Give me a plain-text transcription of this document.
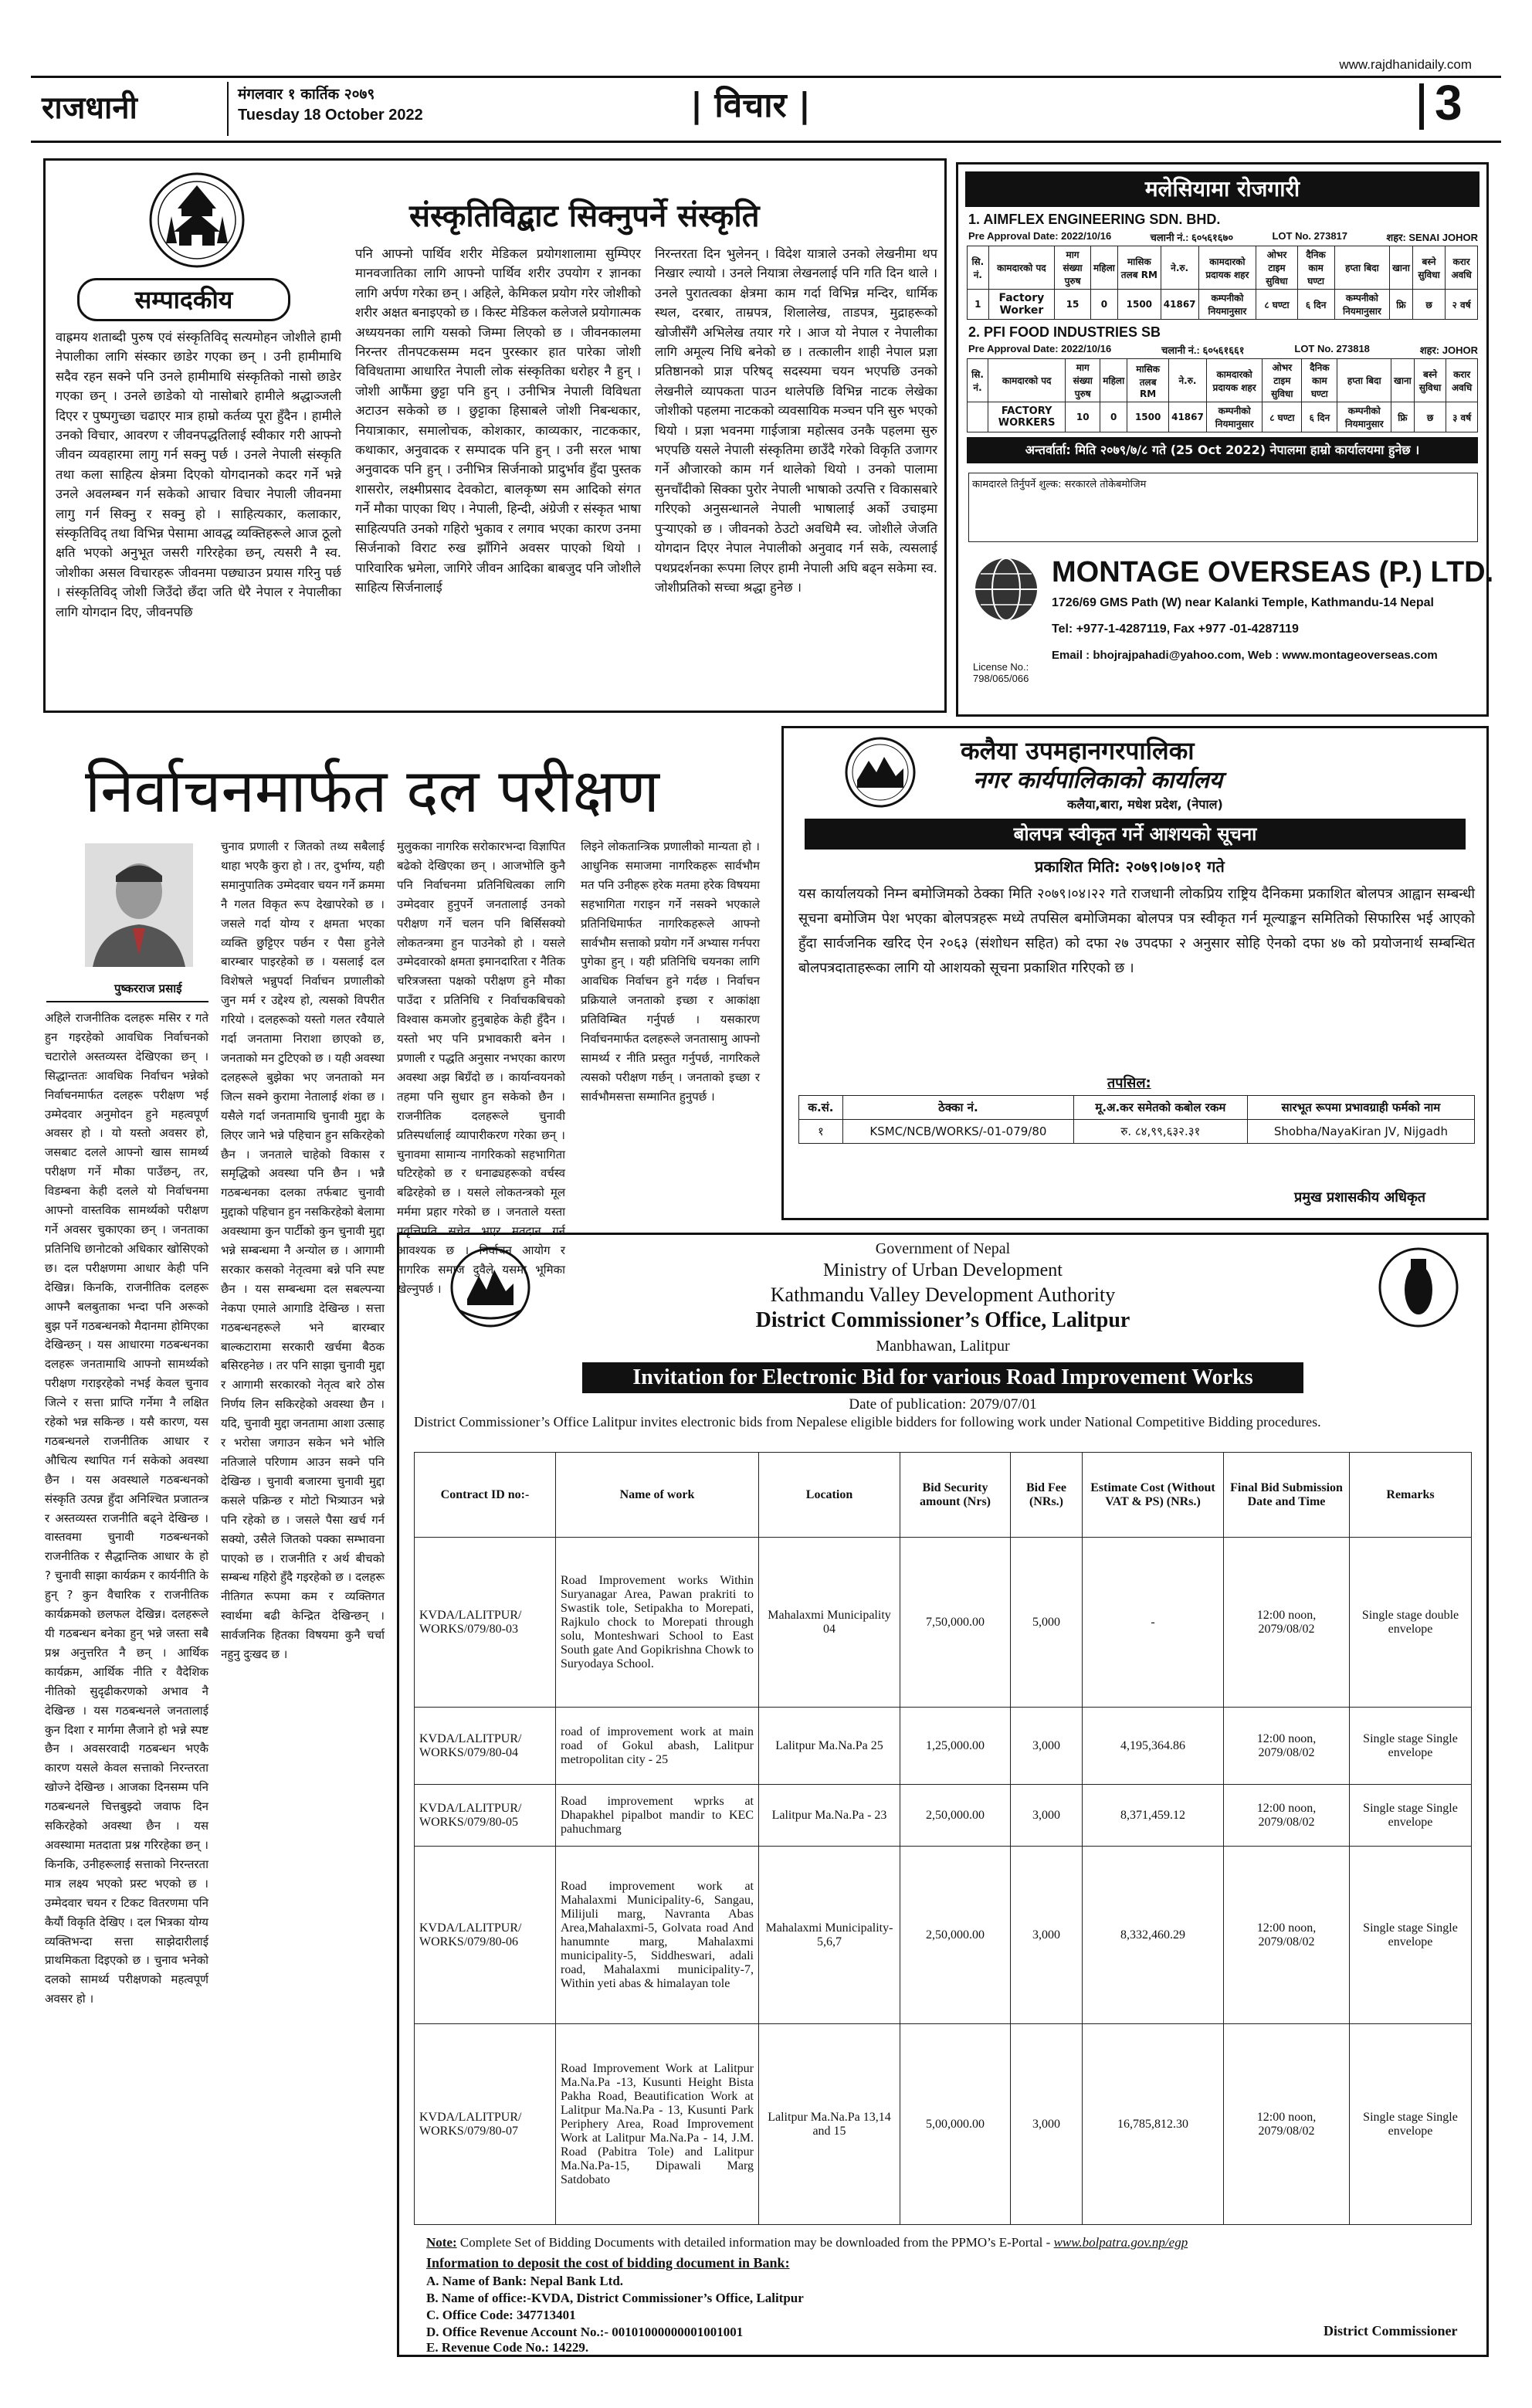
www.rajdhanidaily.com
राजधानी	मंगलवार १ कार्तिक २०७९
Tuesday 18 October 2022	| विचार |	3
सम्पादकीय
संस्कृतिविद्बाट सिक्नुपर्ने संस्कृति
वाह्रमय शताब्दी पुरुष एवं संस्कृतिविद् सत्यमोहन जोशीले हामी नेपालीका लागि संस्कार छाडेर गएका छन् । उनी हामीमाथि सदैव रहन सक्ने पनि उनले हामीमाथि संस्कृतिको नासो छाडेर गएका छन् । उनले छाडेको यो नासोबारे हामीले श्रद्धाञ्जली दिएर र पुष्पगुच्छा चढाएर मात्र हाम्रो कर्तव्य पूरा हुँदैन । हामीले उनको विचार, आवरण र जीवनपद्धतिलाई स्वीकार गरी आफ्नो जीवन व्यवहारमा लागु गर्न सक्नु पर्छ । उनले नेपाली संस्कृति तथा कला साहित्य क्षेत्रमा दिएको योगदानको कदर गर्ने भन्ने उनले अवलम्बन गर्न सकेको आचार विचार नेपाली जीवनमा लागु गर्न सिक्नु र सक्नु हो । साहित्यकार, कलाकार, संस्कृतिविद् तथा विभिन्न पेसामा आवद्ध व्यक्तिहरूले आज ठूलो क्षति भएको अनुभूत जसरी गरिरहेका छन्, त्यसरी नै स्व. जोशीका असल विचारहरू जीवनमा पछ्याउन प्रयास गरिनु पर्छ । संस्कृतिविद् जोशी जिउँदो छँदा जति धेरै नेपाल र नेपालीका लागि योगदान दिए, जीवनपछि
पनि आफ्नो पार्थिव शरीर मेडिकल प्रयोगशालामा सुम्पिएर मानवजातिका लागि आफ्नो पार्थिव शरीर उपयोग र ज्ञानका लागि अर्पण गरेका छन् । अहिले, केमिकल प्रयोग गरेर जोशीको शरीर अक्षत बनाइएको छ । किस्ट मेडिकल कलेजले प्रयोगात्मक अध्ययनका लागि यसको जिम्मा लिएको छ । जीवनकालमा निरन्तर तीनपटकसम्म मदन पुरस्कार हात पारेका जोशी विविधतामा आधारित नेपाली लोक संस्कृतिका धरोहर नै हुन् । जोशी आफैंमा छुट्टा पनि हुन् । उनीभित्र नेपाली विविधता अटाउन सकेको छ । छुट्टाका हिसाबले जोशी निबन्धकार, नियात्राकार, समालोचक, कोशकार, काव्यकार, नाटककार, कथाकार, अनुवादक र सम्पादक पनि हुन् । उनी सरल भाषा अनुवादक पनि हुन् । उनीभित्र सिर्जनाको प्रादुर्भाव हुँदा पुस्तक शासरोर, लक्ष्मीप्रसाद देवकोटा, बालकृष्ण सम आदिको संगत गर्ने मौका पाएका थिए । नेपाली, हिन्दी, अंग्रेजी र संस्कृत भाषा साहित्यपति उनको गहिरो भुकाव र लगाव भएका कारण उनमा सिर्जनाको विराट रुख झाँगिने अवसर पाएको थियो । पारिवारिक भ्रमेला, जागिरे जीवन आदिका बाबजुद पनि जोशीले साहित्य सिर्जनालाई
निरन्तरता दिन भुलेनन् । विदेश यात्राले उनको लेखनीमा थप निखार ल्यायो । उनले नियात्रा लेखनलाई पनि गति दिन थाले । उनले पुरातत्वका क्षेत्रमा काम गर्दा विभिन्न मन्दिर, धार्मिक स्थल, दरबार, ताम्रपत्र, शिलालेख, ताडपत्र, मुद्राहरूको खोजीसँगै अभिलेख तयार गरे । आज यो नेपाल र नेपालीका लागि अमूल्य निधि बनेको छ । तत्कालीन शाही नेपाल प्रज्ञा प्रतिष्ठानको प्राज्ञ परिषद् सदस्यमा चयन भएपछि उनको लेखनीले व्यापकता पाउन थालेपछि विभिन्न नाटक लेखेका जोशीको पहलमा नाटकको व्यवसायिक मञ्चन पनि सुरु भएको थियो । प्रज्ञा भवनमा गाईजात्रा महोत्सव उनकै पहलमा सुरु भएपछि यसले नेपाली संस्कृतिमा छाउँदै गरेको विकृति उजागर गर्ने औजारको काम गर्न थालेको थियो । उनको पालामा सुनचाँदीको सिक्का पुरोर नेपाली भाषाको उत्पत्ति र विकासबारे गरिएको अनुसन्धानले नेपाली भाषालाई अर्को उचाइमा पुऱ्याएको छ । जीवनको ठेउटो अवधिमै स्व. जोशीले जेजति योगदान दिएर नेपाल नेपालीको अनुवाद गर्न सके, त्यसलाई पथप्रदर्शनका रूपमा लिएर हामी नेपाली अघि बढ्न सकेमा स्व. जोशीप्रतिको सच्चा श्रद्धा हुनेछ ।
मलेसियामा रोजगारी
1. AIMFLEX ENGINEERING SDN. BHD.
Pre Approval Date: 2022/10/16	चलानी नं.: ६०५६१६७०	LOT No. 273817	शहर: SENAI JOHOR
सि. नं.	कामदारको पद	माग संख्या पुरुष	महिला	मासिक तलब RM	ने.रु.	कामदारको प्रदायक शहर	ओभर टाइम सुविधा	दैनिक काम घण्टा	हप्ता बिदा	खाना	बस्ने सुविधा	करार अवधि
1	Factory Worker	15	0	1500	41867	कम्पनीको नियमानुसार	८ घण्टा	६ दिन	कम्पनीको नियमानुसार	फ्रि	छ	२ वर्ष
2. PFI FOOD INDUSTRIES SB
Pre Approval Date: 2022/10/16	चलानी नं.: ६०५६१६६१	LOT No. 273818	शहर: JOHOR
सि. नं.	कामदारको पद	माग संख्या पुरुष	महिला	मासिक तलब RM	ने.रु.	कामदारको प्रदायक शहर	ओभर टाइम सुविधा	दैनिक काम घण्टा	हप्ता बिदा	खाना	बस्ने सुविधा	करार अवधि
	FACTORY WORKERS	10	0	1500	41867	कम्पनीको नियमानुसार	८ घण्टा	६ दिन	कम्पनीको नियमानुसार	फ्रि	छ	३ वर्ष
अन्तर्वार्ता: मिति २०७९/७/८ गते (25 Oct 2022) नेपालमा हाम्रो कार्यालयमा हुनेछ ।
कामदारले तिर्नुपर्ने शुल्क: सरकारले तोकेबमोजिम
MONTAGE OVERSEAS (P.) LTD.
1726/69 GMS Path (W) near Kalanki Temple, Kathmandu-14 Nepal
Tel: +977-1-4287119, Fax +977 -01-4287119
Email : bhojrajpahadi@yahoo.com, Web : www.montageoverseas.com
License No.: 798/065/066
निर्वाचनमार्फत दल परीक्षण
पुष्करराज प्रसाई
अहिले राजनीतिक दलहरू मसिर र गते हुन गइरहेको आवधिक निर्वाचनको चटारोले अस्तव्यस्त देखिएका छन् । सिद्धान्ततः आवधिक निर्वाचन भन्नेको निर्वाचनमार्फत दलहरू परीक्षण भई उम्मेदवार अनुमोदन हुने महत्वपूर्ण अवसर हो । यो यस्तो अवसर हो, जसबाट दलले आफ्नो खास सामर्थ्य परीक्षण गर्ने मौका पाउँछन्, तर, विडम्बना केही दलले यो निर्वाचनमा आफ्नो वास्तविक सामर्थ्यको परीक्षण गर्ने अवसर चुकाएका छन् । जनताका प्रतिनिधि छानोटको अधिकार खोसिएको छ। दल परीक्षणमा आधार केही पनि देखिन्न। किनकि, राजनीतिक दलहरू आफ्नै बलबुताका भन्दा पनि अरूको बुझ पर्ने गठबन्धनको मैदानमा होमिएका देखिन्छन् । यस आधारमा गठबन्धनका दलहरू जनतामाथि आफ्नो सामर्थ्यको परीक्षण गराइरहेको नभई केवल चुनाव जित्ने र सत्ता प्राप्ति गर्नेमा नै लक्षित रहेको भन्न सकिन्छ । यसै कारण, यस गठबन्धनले राजनीतिक आधार र औचित्य स्थापित गर्न सकेको अवस्था छैन । यस अवस्थाले गठबन्धनको संस्कृति उत्पन्न हुँदा अनिश्चित प्रजातन्त्र र अस्तव्यस्त राजनीति बढ्ने देखिन्छ । वास्तवमा चुनावी गठबन्धनको राजनीतिक र सैद्धान्तिक आधार के हो ? चुनावी साझा कार्यक्रम र कार्यनीति के हुन् ? कुन वैचारिक र राजनीतिक कार्यक्रमको छलफल देखिन्न। दलहरूले यी गठबन्धन बनेका हुन् भन्ने जस्ता सबै प्रश्न अनुत्तरित नै छन् । आर्थिक कार्यक्रम, आर्थिक नीति र वैदेशिक नीतिको सुदृढीकरणको अभाव नै देखिन्छ । यस गठबन्धनले जनतालाई कुन दिशा र मार्गमा लैजाने हो भन्ने स्पष्ट छैन । अवसरवादी गठबन्धन भएकै कारण यसले केवल सत्ताको निरन्तरता खोज्ने देखिन्छ । आजका दिनसम्म पनि गठबन्धनले चित्तबुझ्दो जवाफ दिन सकिरहेको अवस्था छैन । यस अवस्थामा मतदाता प्रश्न गरिरहेका छन् । किनकि, उनीहरूलाई सत्ताको निरन्तरता मात्र लक्ष्य भएको प्रस्ट भएको छ । उम्मेदवार चयन र टिकट वितरणमा पनि कैयौं विकृति देखिए । दल भित्रका योग्य व्यक्तिभन्दा सत्ता साझेदारीलाई प्राथमिकता दिइएको छ । चुनाव भनेको दलको सामर्थ्य परीक्षणको महत्वपूर्ण अवसर हो ।
चुनाव प्रणाली र जितको तथ्य सबैलाई थाहा भएकै कुरा हो । तर, दुर्भाग्य, यही समानुपातिक उम्मेदवार चयन गर्ने क्रममा नै गलत विकृत रूप देखापरेको छ । जसले गर्दा योग्य र क्षमता भएका व्यक्ति छुट्टिएर पर्छन र पैसा हुनेले बारम्बार पाइरहेको छ । यसलाई दल विशेषले भन्नुपर्दा निर्वाचन प्रणालीको जुन मर्म र उद्देश्य हो, त्यसको विपरीत गरियो । दलहरूको यस्तो गलत रवैयाले गर्दा जनतामा निराशा छाएको छ, जनताको मन टुटिएको छ । यही अवस्था दलहरूले बुझेका भए जनताको मन जित्न सक्ने कुरामा नेतालाई शंका छ । यसैले गर्दा जनतामाथि चुनावी मुद्दा के लिएर जाने भन्ने पहिचान हुन सकिरहेको छैन । जनताले चाहेको विकास र समृद्धिको अवस्था पनि छैन । भन्नै गठबन्धनका दलका तर्फबाट चुनावी मुद्दाको पहिचान हुन नसकिरहेको बेलामा अवस्थामा कुन पार्टीको कुन चुनावी मुद्दा भन्ने सम्बन्धमा नै अन्योल छ । आगामी सरकार कसको नेतृत्वमा बन्ने पनि स्पष्ट छैन । यस सम्बन्धमा दल सबल्पन्या नेकपा एमाले आगाडि देखिन्छ । सत्ता गठबन्धनहरूले भने बारम्बार बाल्कटारामा सरकारी खर्चमा बैठक बसिरहनेछ । तर पनि साझा चुनावी मुद्दा र आगामी सरकारको नेतृत्व बारे ठोस निर्णय लिन सकिरहेको अवस्था छैन । यदि, चुनावी मुद्दा जनतामा आशा उत्साह र भरोसा जगाउन सकेन भने भोलि नतिजाले परिणाम आउन सक्ने पनि देखिन्छ । चुनावी बजारमा चुनावी मुद्दा कसले पक्रिन्छ र मोटो भित्र्याउन भन्ने पनि रहेको छ । जसले पैसा खर्च गर्न सक्यो, उसैले जितको पक्का सम्भावना पाएको छ । राजनीति र अर्थ बीचको सम्बन्ध गहिरो हुँदै गइरहेको छ । दलहरू नीतिगत रूपमा कम र व्यक्तिगत स्वार्थमा बढी केन्द्रित देखिन्छन् । सार्वजनिक हितका विषयमा कुनै चर्चा नहुनु दुःखद छ ।
मुलुकका नागरिक सरोकारभन्दा विज्ञापित बढेको देखिएका छन् । आजभोलि कुनै पनि निर्वाचनमा प्रतिनिधित्वका लागि उम्मेदवार हुनुपर्ने जनतालाई उनको परीक्षण गर्ने चलन पनि बिर्सिसक्यो लोकतन्त्रमा हुन पाउनेको हो । यसले उम्मेदवारको क्षमता इमानदारिता र नैतिक चरित्रजस्ता पक्षको परीक्षण हुने मौका पाउँदा र प्रतिनिधि र निर्वाचकबिचको विश्वास कमजोर हुनुबाहेक केही हुँदैन । यस्तो भए पनि प्रभावकारी बनेन । प्रणाली र पद्धति अनुसार नभएका कारण अवस्था अझ बिग्रँदो छ । कार्यान्वयनको तहमा पनि सुधार हुन सकेको छैन । राजनीतिक दलहरूले चुनावी प्रतिस्पर्धालाई व्यापारीकरण गरेका छन् । चुनावमा सामान्य नागरिकको सहभागिता घटिरहेको छ र धनाढ्यहरूको वर्चस्व बढिरहेको छ । यसले लोकतन्त्रको मूल मर्ममा प्रहार गरेको छ । जनताले यस्ता प्रवृत्तिप्रति सचेत भएर मतदान गर्न आवश्यक छ । निर्वाचन आयोग र नागरिक समाज दुवैले यसमा भूमिका खेल्नुपर्छ ।
लिइने लोकतान्त्रिक प्रणालीको मान्यता हो । आधुनिक समाजमा नागरिकहरू सार्वभौम मत पनि उनीहरू हरेक मतमा हरेक विषयमा सहभागिता गराइन गर्ने नसक्ने भएकाले प्रतिनिधिमार्फत नागरिकहरूले आफ्नो सार्वभौम सत्ताको प्रयोग गर्ने अभ्यास गर्नपरा पुगेका हुन् । यही प्रतिनिधि चयनका लागि आवधिक निर्वाचन हुने गर्दछ । निर्वाचन प्रक्रियाले जनताको इच्छा र आकांक्षा प्रतिविम्बित गर्नुपर्छ । यसकारण निर्वाचनमार्फत दलहरूले जनतासामु आफ्नो सामर्थ्य र नीति प्रस्तुत गर्नुपर्छ, नागरिकले त्यसको परीक्षण गर्छन् । जनताको इच्छा र सार्वभौमसत्ता सम्मानित हुनुपर्छ ।
कलैया उपमहानगरपालिका
नगर कार्यपालिकाको कार्यालय
कलैया,बारा, मधेश प्रदेश, (नेपाल)
बोलपत्र स्वीकृत गर्ने आशयको सूचना
प्रकाशित मिति: २०७९।०७।०१ गते
यस कार्यालयको निम्न बमोजिमको ठेक्का मिति २०७९।०४।२२ गते राजधानी लोकप्रिय राष्ट्रिय दैनिकमा प्रकाशित बोलपत्र आह्वान सम्बन्धी सूचना बमोजिम पेश भएका बोलपत्रहरू मध्ये तपसिल बमोजिमका बोलपत्र पत्र स्वीकृत गर्न मूल्याङ्कन समितिको सिफारिस भई आएको हुँदा सार्वजनिक खरिद ऐन २०६३ (संशोधन सहित) को दफा २७ उपदफा २ अनुसार सोहि ऐनको दफा ४७ को प्रयोजनार्थ सम्बन्धित बोलपत्रदाताहरूका लागि यो आशयको सूचना प्रकाशित गरिएको छ ।
तपसिल:
क.सं.	ठेक्का नं.	मू.अ.कर समेतको कबोल रकम	सारभूत रूपमा प्रभावग्राही फर्मको नाम
१	KSMC/NCB/WORKS/-01-079/80	रु. ८४,९९,६३२.३१	Shobha/NayaKiran JV, Nijgadh
प्रमुख प्रशासकीय अधिकृत
Government of Nepal
Ministry of Urban Development
Kathmandu Valley Development Authority
District Commissioner’s Office, Lalitpur
Manbhawan, Lalitpur
Invitation for Electronic Bid for various Road Improvement Works
Date of publication: 2079/07/01
District Commissioner’s Office Lalitpur invites electronic bids from Nepalese eligible bidders for following work under National Competitive Bidding procedures.
Contract ID no:-	Name of work	Location	Bid Security amount (Nrs)	Bid Fee (NRs.)	Estimate Cost (Without VAT & PS) (NRs.)	Final Bid Submission Date and Time	Remarks
KVDA/LALITPUR/ WORKS/079/80-03	Road Improvement works Within Suryanagar Area, Pawan prakriti to Swastik tole, Setipakha to Morepati, Rajkulo chock to Morepati through solu, Monteshwari School to East South gate And Gopikrishna Chowk to Suryodaya School.	Mahalaxmi Municipality 04	7,50,000.00	5,000	-	12:00 noon, 2079/08/02	Single stage double envelope
KVDA/LALITPUR/ WORKS/079/80-04	road of improvement work at main road of Gokul abash, Lalitpur metropolitan city - 25	Lalitpur Ma.Na.Pa 25	1,25,000.00	3,000	4,195,364.86	12:00 noon, 2079/08/02	Single stage Single envelope
KVDA/LALITPUR/ WORKS/079/80-05	Road improvement wprks at Dhapakhel pipalbot mandir to KEC pahuchmarg	Lalitpur Ma.Na.Pa - 23	2,50,000.00	3,000	8,371,459.12	12:00 noon, 2079/08/02	Single stage Single envelope
KVDA/LALITPUR/ WORKS/079/80-06	Road improvement work at Mahalaxmi Municipality-6, Sangau, Milijuli marg, Navranta Abas Area,Mahalaxmi-5, Golvata road And hanumnte marg, Mahalaxmi municipality-5, Siddheswari, adali road, Mahalaxmi municipality-7, Within yeti abas & himalayan tole	Mahalaxmi Municipality-5,6,7	2,50,000.00	3,000	8,332,460.29	12:00 noon, 2079/08/02	Single stage Single envelope
KVDA/LALITPUR/ WORKS/079/80-07	Road Improvement Work at Lalitpur Ma.Na.Pa -13, Kusunti Height Bista Pakha Road, Beautification Work at Lalitpur Ma.Na.Pa - 13, Kusunti Park Periphery Area, Road Improvement Work at Lalitpur Ma.Na.Pa - 14, J.M. Road (Pabitra Tole) and Lalitpur Ma.Na.Pa-15, Dipawali Marg Satdobato	Lalitpur Ma.Na.Pa 13,14 and 15	5,00,000.00	3,000	16,785,812.30	12:00 noon, 2079/08/02	Single stage Single envelope
Note: Complete Set of Bidding Documents with detailed information may be downloaded from the PPMO’s E-Portal - www.bolpatra.gov.np/egp
Information to deposit the cost of bidding document in Bank:
A. Name of Bank: Nepal Bank Ltd.
B. Name of office:-KVDA, District Commissioner’s Office, Lalitpur
C. Office Code: 347713401
D. Office Revenue Account No.:- 00101000000001001001
E. Revenue Code No.: 14229.
District Commissioner
